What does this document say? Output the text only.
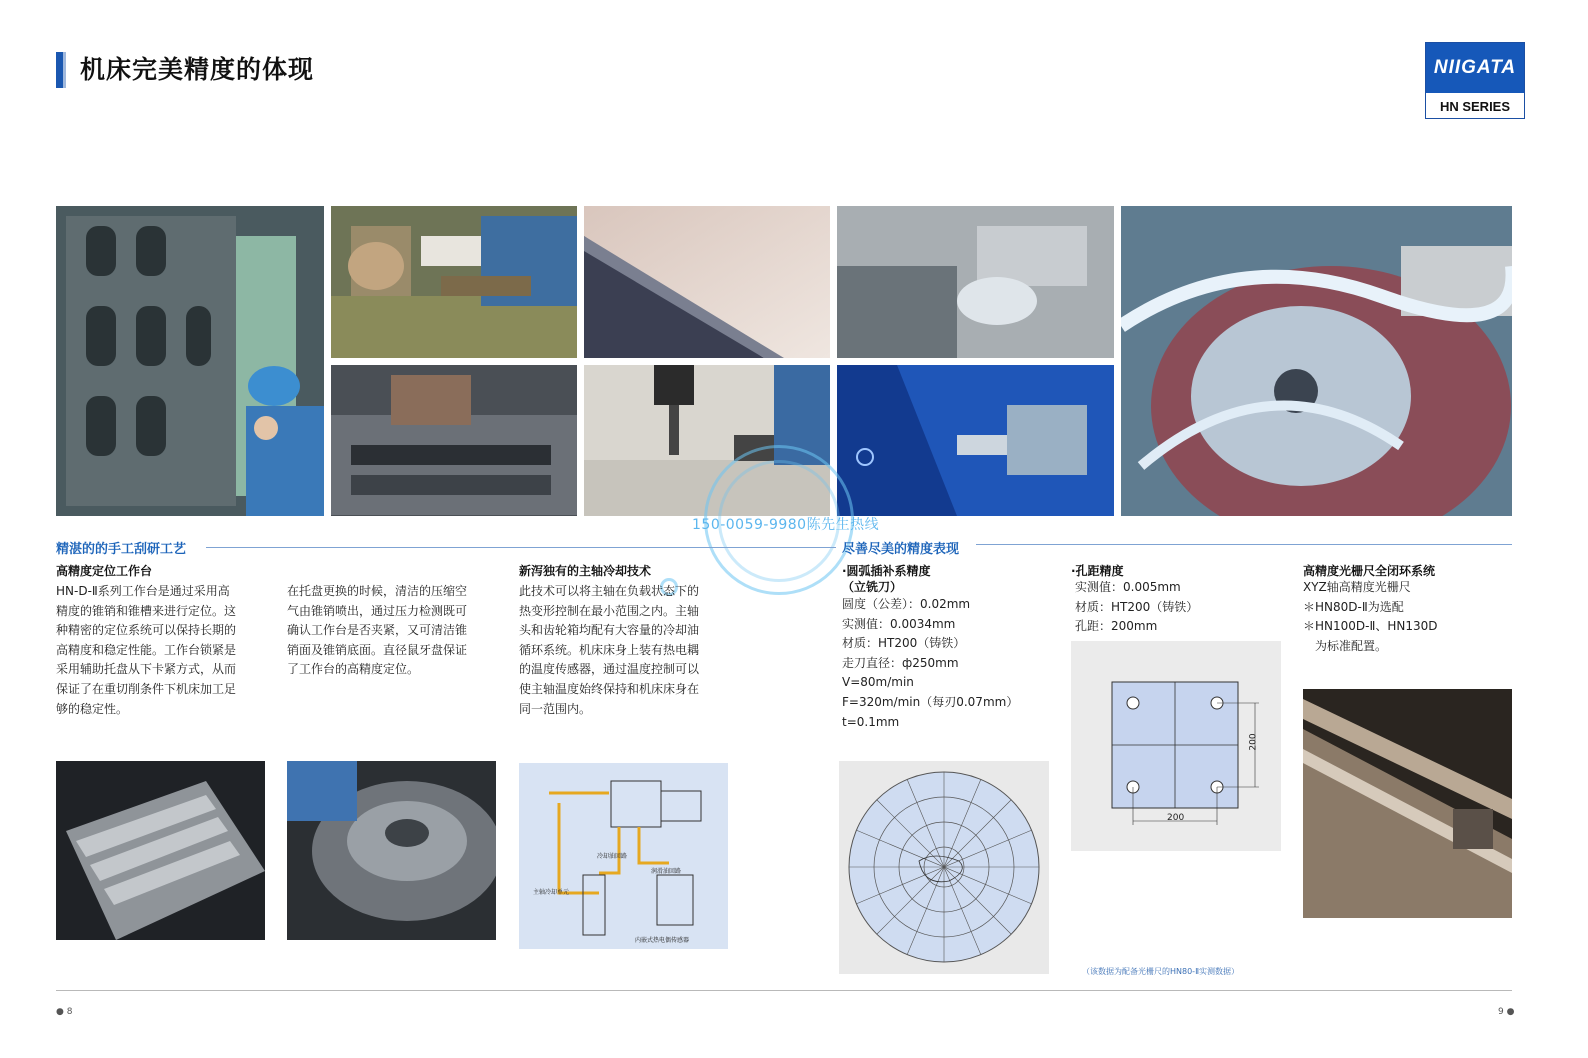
机床完美精度的体现	NIIGATA
HN SERIES
150-0059-9980陈先生热线
精湛的的手工刮研工艺	尽善尽美的精度表现
高精度定位工作台

HN-D-Ⅱ系列工作台是通过采用高

精度的锥销和锥槽来进行定位。这

种精密的定位系统可以保持长期的

高精度和稳定性能。工作台锁紧是

采用辅助托盘从下卡紧方式，从而

保证了在重切削条件下机床加工足

够的稳定性。

在托盘更换的时候，清洁的压缩空

气由锥销喷出，通过压力检测既可

确认工作台是否夹紧，又可清洁锥

销面及锥销底面。直径鼠牙盘保证

了工作台的高精度定位。

新泻独有的主轴冷却技术

此技术可以将主轴在负载状态下的

热变形控制在最小范围之内。主轴

头和齿轮箱均配有大容量的冷却油

循环系统。机床床身上装有热电耦

的温度传感器，通过温度控制可以

使主轴温度始终保持和机床床身在

同一范围内。

·圆弧插补系精度
（立铣刀）

圆度（公差）：0.02mm

实测值：0.0034mm

材质：HT200（铸铁）

走刀直径：ф250mm

V=80m/min

F=320m/min（每刃0.07mm）

t=0.1mm

·孔距精度

实测值：0.005mm

材质：HT200（铸铁）

孔距：200mm

高精度光栅尺全闭环系统

XYZ轴高精度光栅尺

＊HN80D-Ⅱ为选配

＊HN100D-Ⅱ、HN130D

　为标准配置。

冷却油回路
润滑油回路
主轴冷却单元
内嵌式热电偶传感器
200
200
（该数据为配备光栅尺的HN80-Ⅱ实测数据）
● 8	9 ●
